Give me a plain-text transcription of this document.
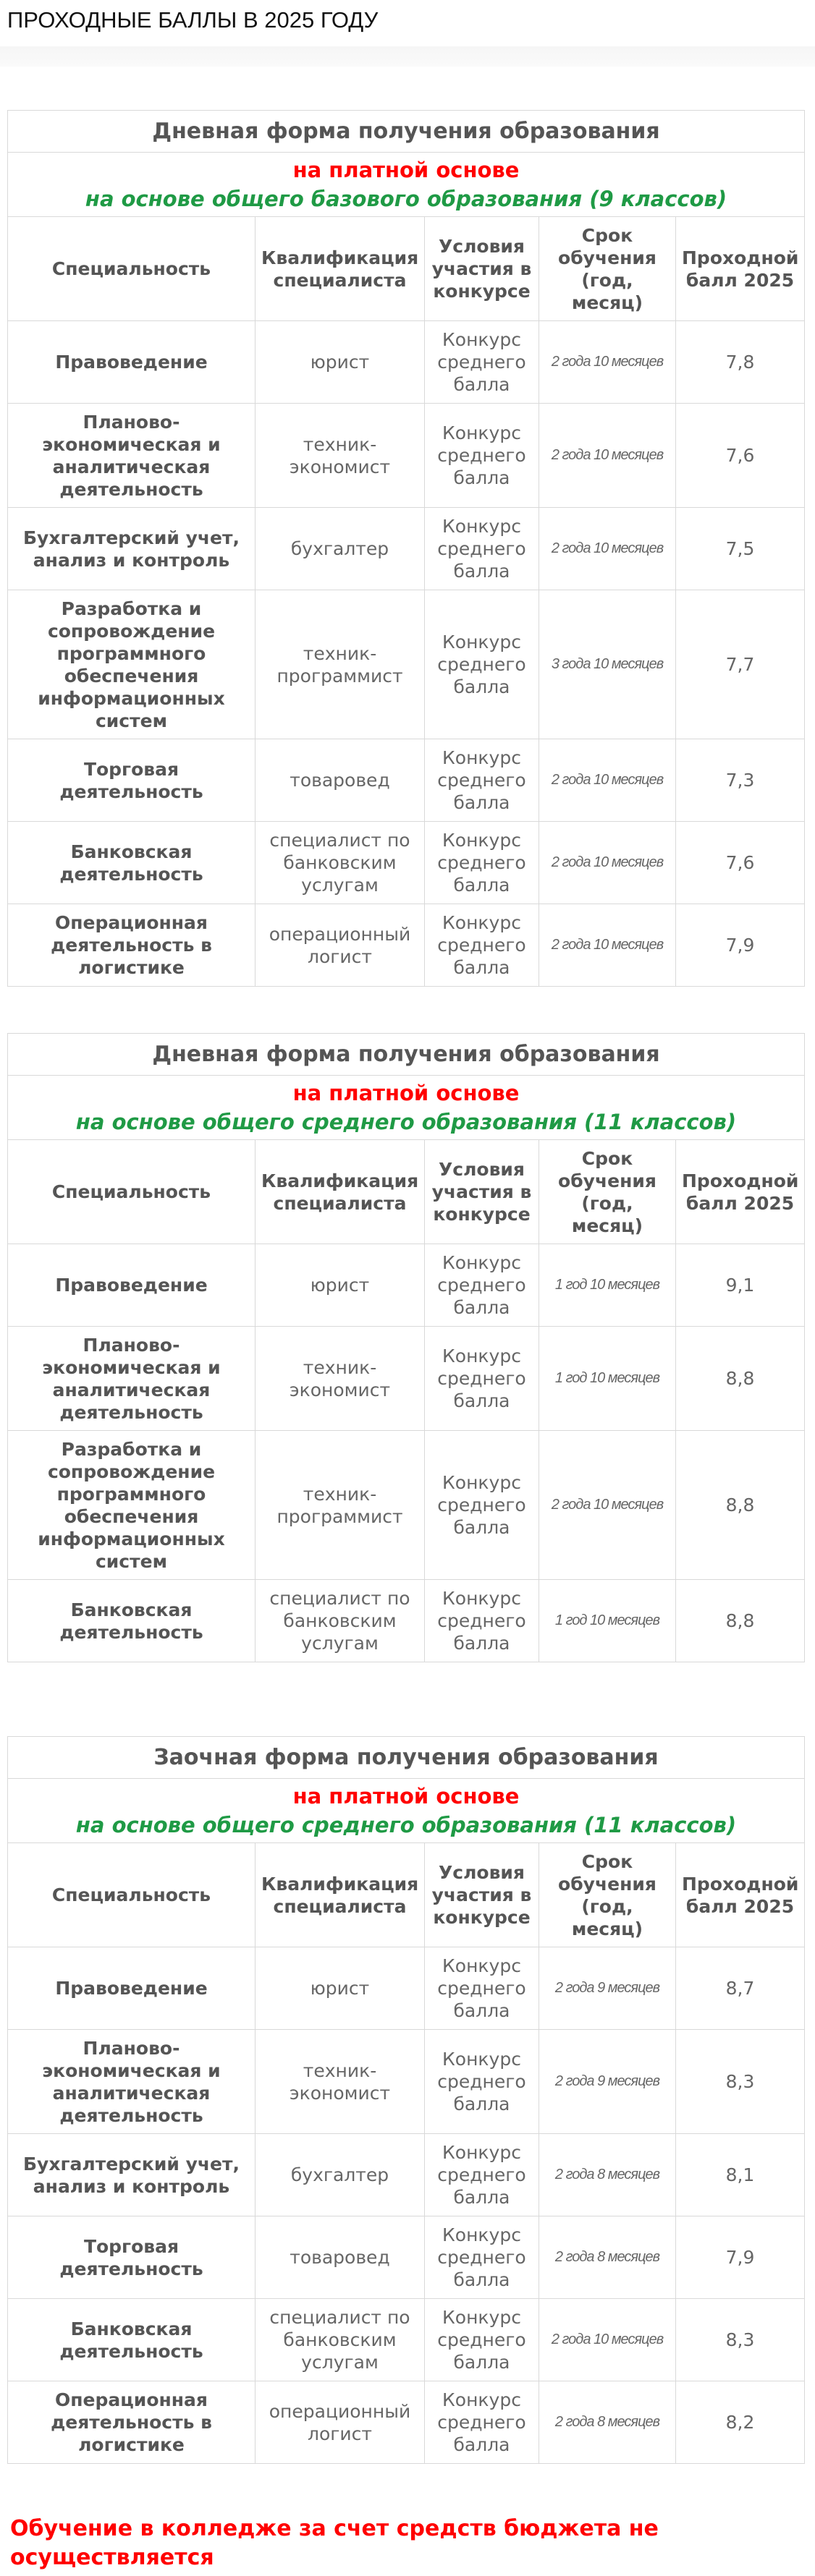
ПРОХОДНЫЕ БАЛЛЫ В 2025 ГОДУ
Дневная форма получения образования				

на платной основе
на основе общего базового образования (9 классов)				

Специальность	Квалификация специалиста	Условия участия в конкурсе	Срок обучения (год, месяц)	Проходной балл 2025
Правоведение	юрист	Конкурс среднего балла	2 года 10 месяцев	7,8
Планово-экономическая и аналитическая деятельность	техник-экономист	Конкурс среднего балла	2 года 10 месяцев	7,6
Бухгалтерский учет, анализ и контроль	бухгалтер	Конкурс среднего балла	2 года 10 месяцев	7,5
Разработка и сопровождение программного обеспечения информационных систем	техник-программист	Конкурс среднего балла	3 года 10 месяцев	7,7
Торговая деятельность	товаровед	Конкурс среднего балла	2 года 10 месяцев	7,3
Банковская деятельность	специалист по банковским услугам	Конкурс среднего балла	2 года 10 месяцев	7,6
Операционная деятельность в логистике	операционный логист	Конкурс среднего балла	2 года 10 месяцев	7,9
Дневная форма получения образования				

на платной основе
на основе общего среднего образования (11 классов)				

Специальность	Квалификация специалиста	Условия участия в конкурсе	Срок обучения (год, месяц)	Проходной балл 2025
Правоведение	юрист	Конкурс среднего балла	1 год 10 месяцев	9,1
Планово-экономическая и аналитическая деятельность	техник-экономист	Конкурс среднего балла	1 год 10 месяцев	8,8
Разработка и сопровождение программного обеспечения информационных систем	техник-программист	Конкурс среднего балла	2 года 10 месяцев	8,8
Банковская деятельность	специалист по банковским услугам	Конкурс среднего балла	1 год 10 месяцев	8,8
Заочная форма получения образования				

на платной основе
на основе общего среднего образования (11 классов)				

Специальность	Квалификация специалиста	Условия участия в конкурсе	Срок обучения (год, месяц)	Проходной балл 2025
Правоведение	юрист	Конкурс среднего балла	2 года 9 месяцев	8,7
Планово-экономическая и аналитическая деятельность	техник-экономист	Конкурс среднего балла	2 года 9 месяцев	8,3
Бухгалтерский учет, анализ и контроль	бухгалтер	Конкурс среднего балла	2 года 8 месяцев	8,1
Торговая деятельность	товаровед	Конкурс среднего балла	2 года 8 месяцев	7,9
Банковская деятельность	специалист по банковским услугам	Конкурс среднего балла	2 года 10 месяцев	8,3
Операционная деятельность в логистике	операционный логист	Конкурс среднего балла	2 года 8 месяцев	8,2
Обучение в колледже за счет средств бюджета не осуществляется
